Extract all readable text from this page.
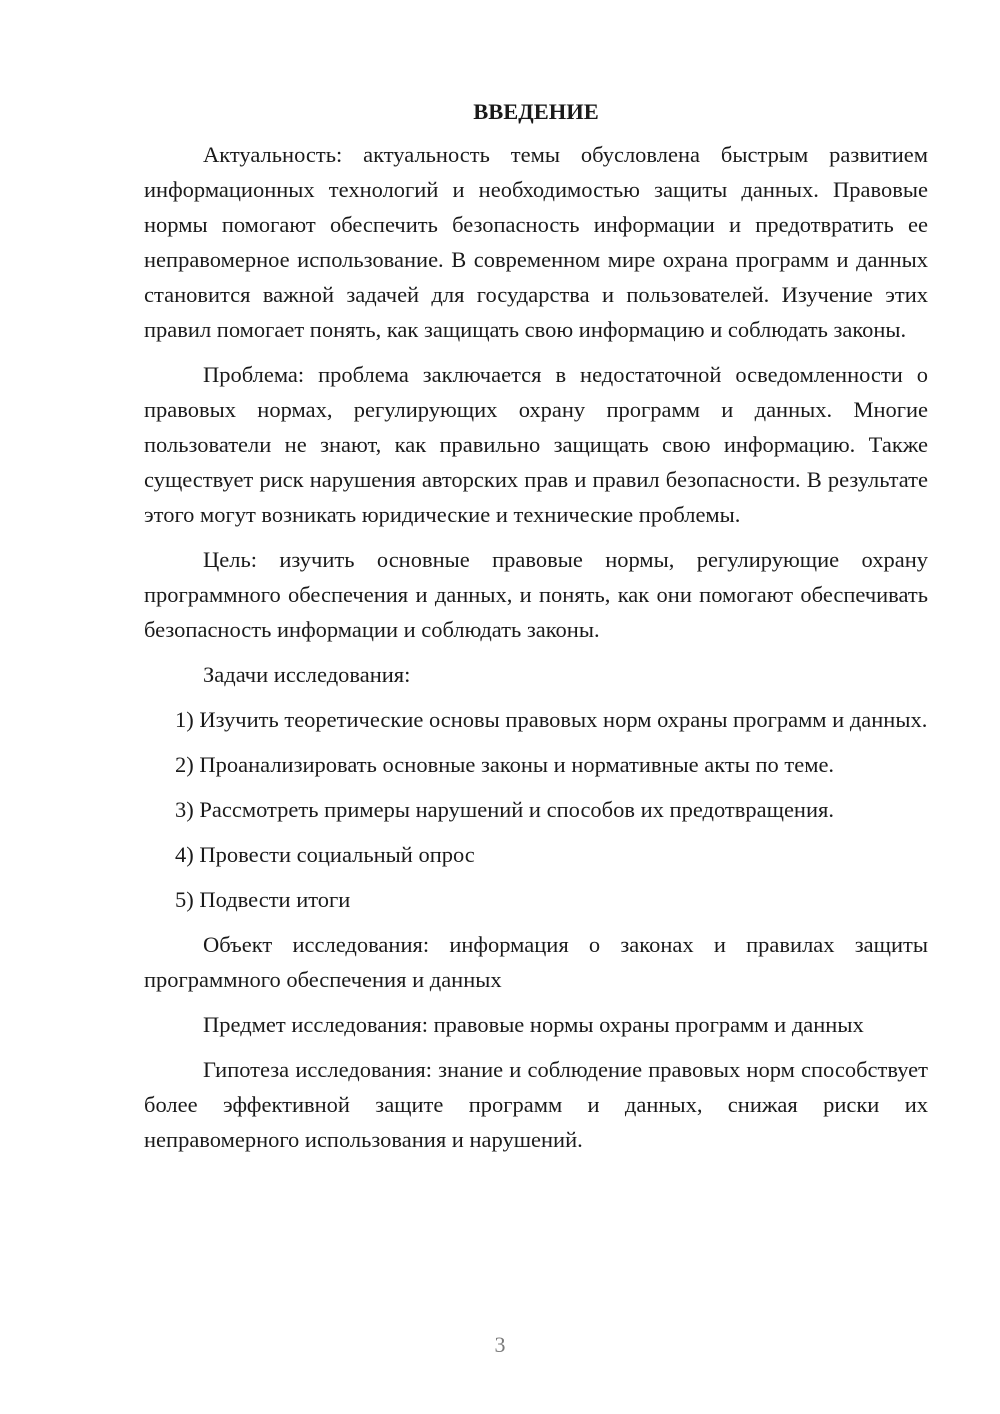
ВВЕДЕНИЕ

Актуальность: актуальность темы обусловлена быстрым развитием информационных технологий и необходимостью защиты данных. Правовые нормы помогают обеспечить безопасность информации и предотвратить ее неправомерное использование. В современном мире охрана программ и данных становится важной задачей для государства и пользователей. Изучение этих правил помогает понять, как защищать свою информацию и соблюдать законы.

Проблема: проблема заключается в недостаточной осведомленности о правовых нормах, регулирующих охрану программ и данных. Многие пользователи не знают, как правильно защищать свою информацию. Также существует риск нарушения авторских прав и правил безопасности. В результате этого могут возникать юридические и технические проблемы.

Цель: изучить основные правовые нормы, регулирующие охрану программного обеспечения и данных, и понять, как они помогают обеспечивать безопасность информации и соблюдать законы.

Задачи исследования:

1) Изучить теоретические основы правовых норм охраны программ и данных.

2) Проанализировать основные законы и нормативные акты по теме.

3) Рассмотреть примеры нарушений и способов их предотвращения.

4) Провести социальный опрос

5) Подвести итоги

Объект исследования: информация о законах и правилах защиты программного обеспечения и данных

Предмет исследования: правовые нормы охраны программ и данных

Гипотеза исследования: знание и соблюдение правовых норм способствует более эффективной защите программ и данных, снижая риски их неправомерного использования и нарушений.

3
